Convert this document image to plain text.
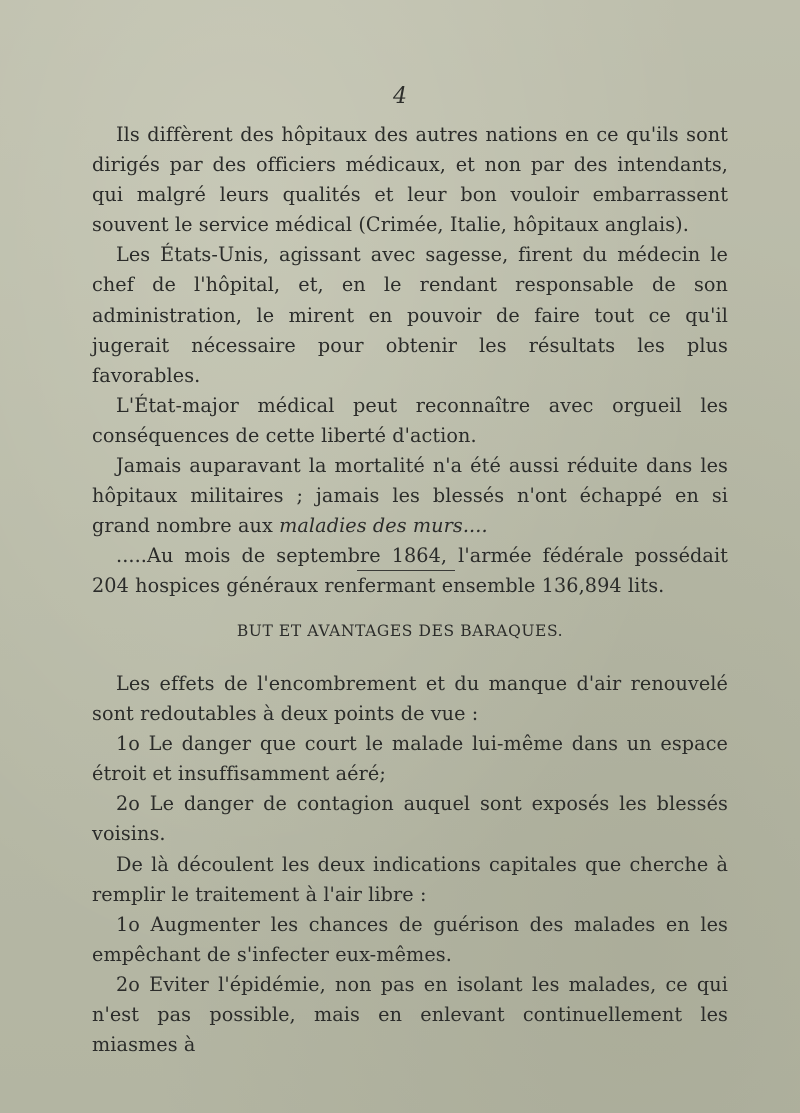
4

Ils diffèrent des hôpitaux des autres nations en ce qu'ils sont dirigés par des officiers médicaux, et non par des intendants, qui malgré leurs qualités et leur bon vouloir embarrassent souvent le service médical (Crimée, Italie, hôpitaux anglais).

Les États-Unis, agissant avec sagesse, firent du médecin le chef de l'hôpital, et, en le rendant responsable de son administration, le mirent en pouvoir de faire tout ce qu'il jugerait nécessaire pour obtenir les résultats les plus favorables.

L'État-major médical peut reconnaître avec orgueil les conséquences de cette liberté d'action.

Jamais auparavant la mortalité n'a été aussi réduite dans les hôpitaux militaires ; jamais les blessés n'ont échappé en si grand nombre aux maladies des murs....

.....Au mois de septembre 1864, l'armée fédérale possédait 204 hospices généraux renfermant ensemble 136,894 lits.

BUT ET AVANTAGES DES BARAQUES.

Les effets de l'encombrement et du manque d'air renouvelé sont redoutables à deux points de vue :

1o Le danger que court le malade lui-même dans un espace étroit et insuffisamment aéré;

2o Le danger de contagion auquel sont exposés les blessés voisins.

De là découlent les deux indications capitales que cherche à remplir le traitement à l'air libre :

1o Augmenter les chances de guérison des malades en les empêchant de s'infecter eux-mêmes.

2o Eviter l'épidémie, non pas en isolant les malades, ce qui n'est pas possible, mais en enlevant continuellement les miasmes à
